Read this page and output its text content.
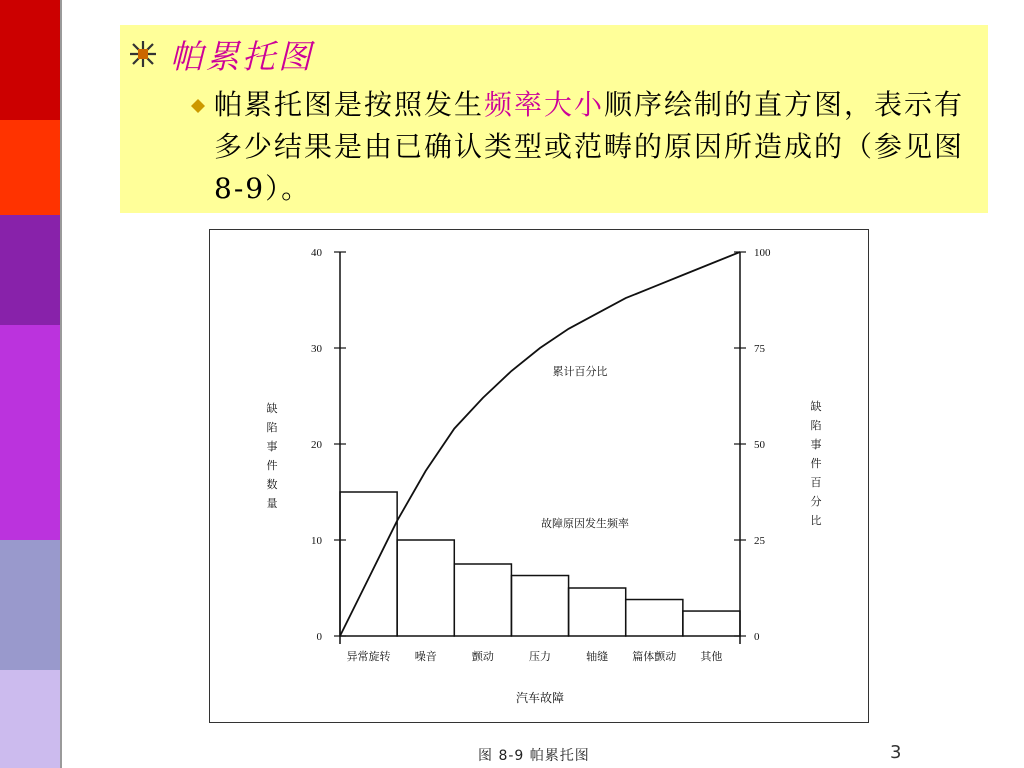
帕累托图
帕累托图是按照发生频率大小顺序绘制的直方图，表示有多少结果是由已确认类型或范畴的原因所造成的（参见图8-9）。
0
10
20
30
40
0
25
50
75
100
异常旋转 噪音	颤动	压力	轴缝 篇体颤动 其他
累计百分比
故障原因发生频率
汽车故障
缺
陷
事
件
数
量
缺
陷
事
件
百
分
比
图 8-9 帕累托图	3
